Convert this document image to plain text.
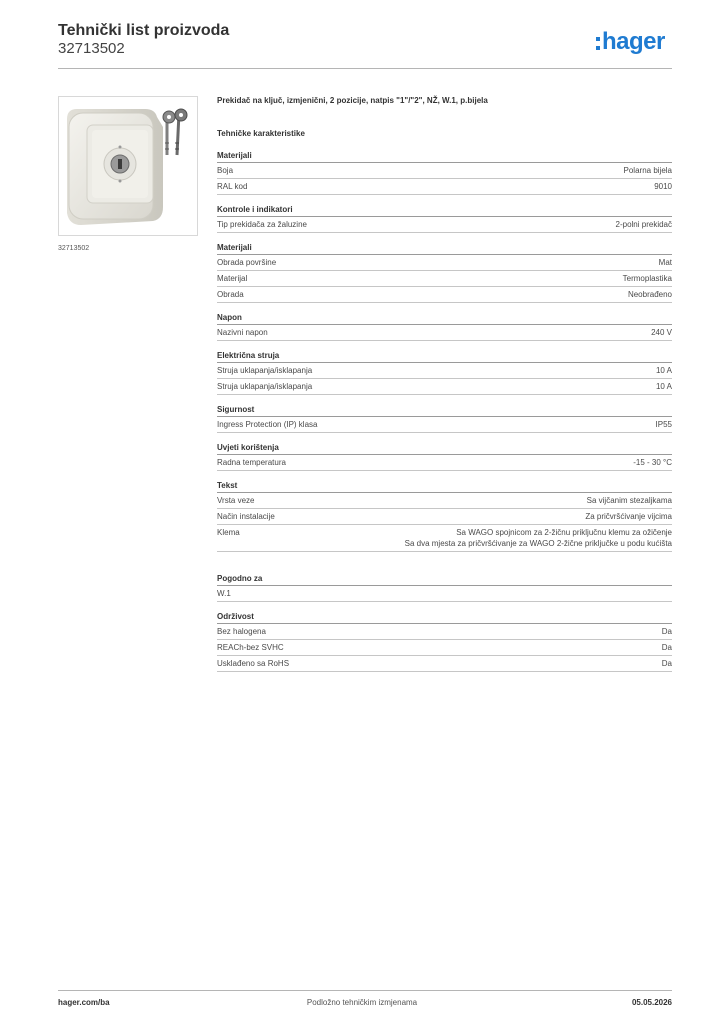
Tehnički list proizvoda
32713502	hager
32713502
Prekidač na ključ, izmjenični, 2 pozicije, natpis "1"/"2", NŽ, W.1, p.bijela
Tehničke karakteristike
Materijali
Boja	Polarna bijela
RAL kod	9010
Kontrole i indikatori
Tip prekidača za žaluzine	2-polni prekidač
Materijali
Obrada površine	Mat
Materijal	Termoplastika
Obrada	Neobrađeno
Napon
Nazivni napon	240 V
Električna struja
Struja uklapanja/isklapanja	10 A
Struja uklapanja/isklapanja	10 A
Sigurnost
Ingress Protection (IP) klasa	IP55
Uvjeti korištenja
Radna temperatura	-15 - 30 °C
Tekst
Vrsta veze	Sa vijčanim stezaljkama
Način instalacije	Za pričvršćivanje vijcima
Klema	Sa WAGO spojnicom za 2-žičnu priključnu klemu za ožičenje
Sa dva mjesta za pričvršćivanje za WAGO 2-žične priključke u podu kućišta
Pogodno za
W.1
Održivost
Bez halogena	Da
REACh-bez SVHC	Da
Usklađeno sa RoHS	Da
hager.com/ba	Podložno tehničkim izmjenama	05.05.2026
